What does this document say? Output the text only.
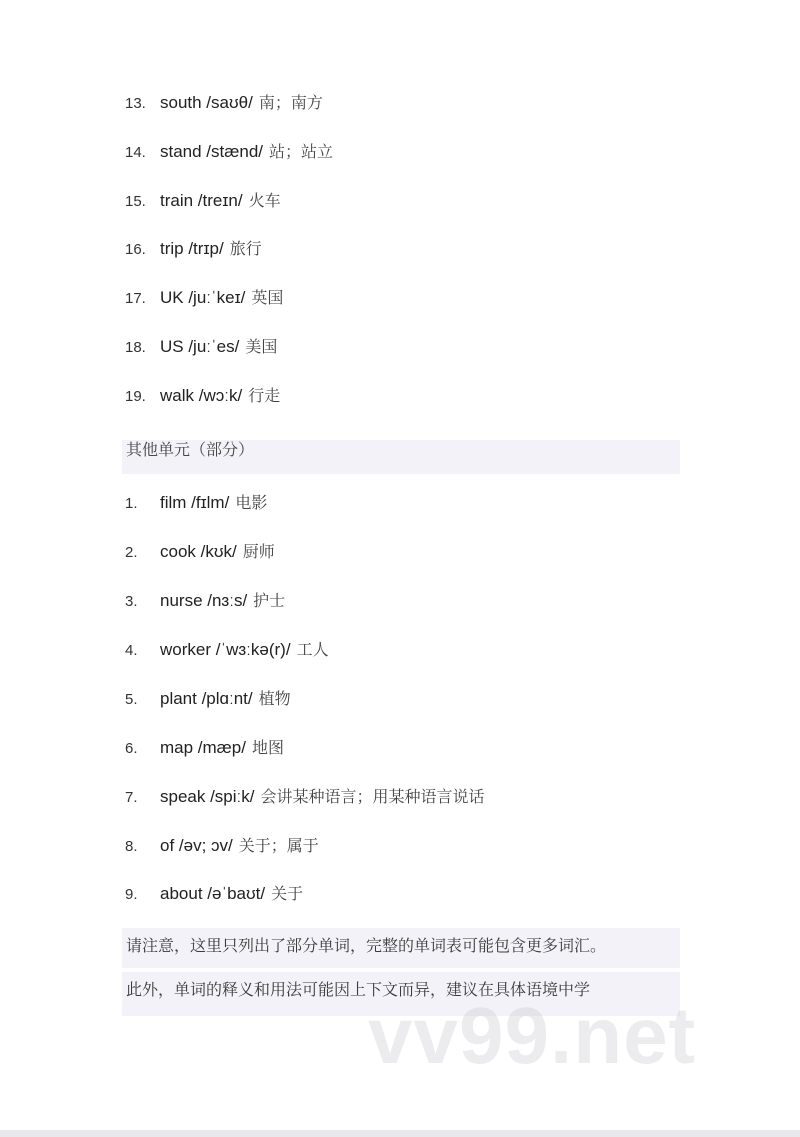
13. south /saʊθ/ 南；南方
14. stand /stænd/ 站；站立
15. train /treɪn/ 火车
16. trip /trɪp/ 旅行
17. UK /juːˈkeɪ/ 英国
18. US /juːˈes/ 美国
19. walk /wɔːk/ 行走
其他单元（部分）
1. film /fɪlm/ 电影
2. cook /kʊk/ 厨师
3. nurse /nɜːs/ 护士
4. worker /ˈwɜːkə(r)/ 工人
5. plant /plɑːnt/ 植物
6. map /mæp/ 地图
7. speak /spiːk/ 会讲某种语言；用某种语言说话
8. of /əv; ɔv/ 关于；属于
9. about /əˈbaʊt/ 关于
请注意，这里只列出了部分单词，完整的单词表可能包含更多词汇。
此外，单词的释义和用法可能因上下文而异，建议在具体语境中学
vv99.net
